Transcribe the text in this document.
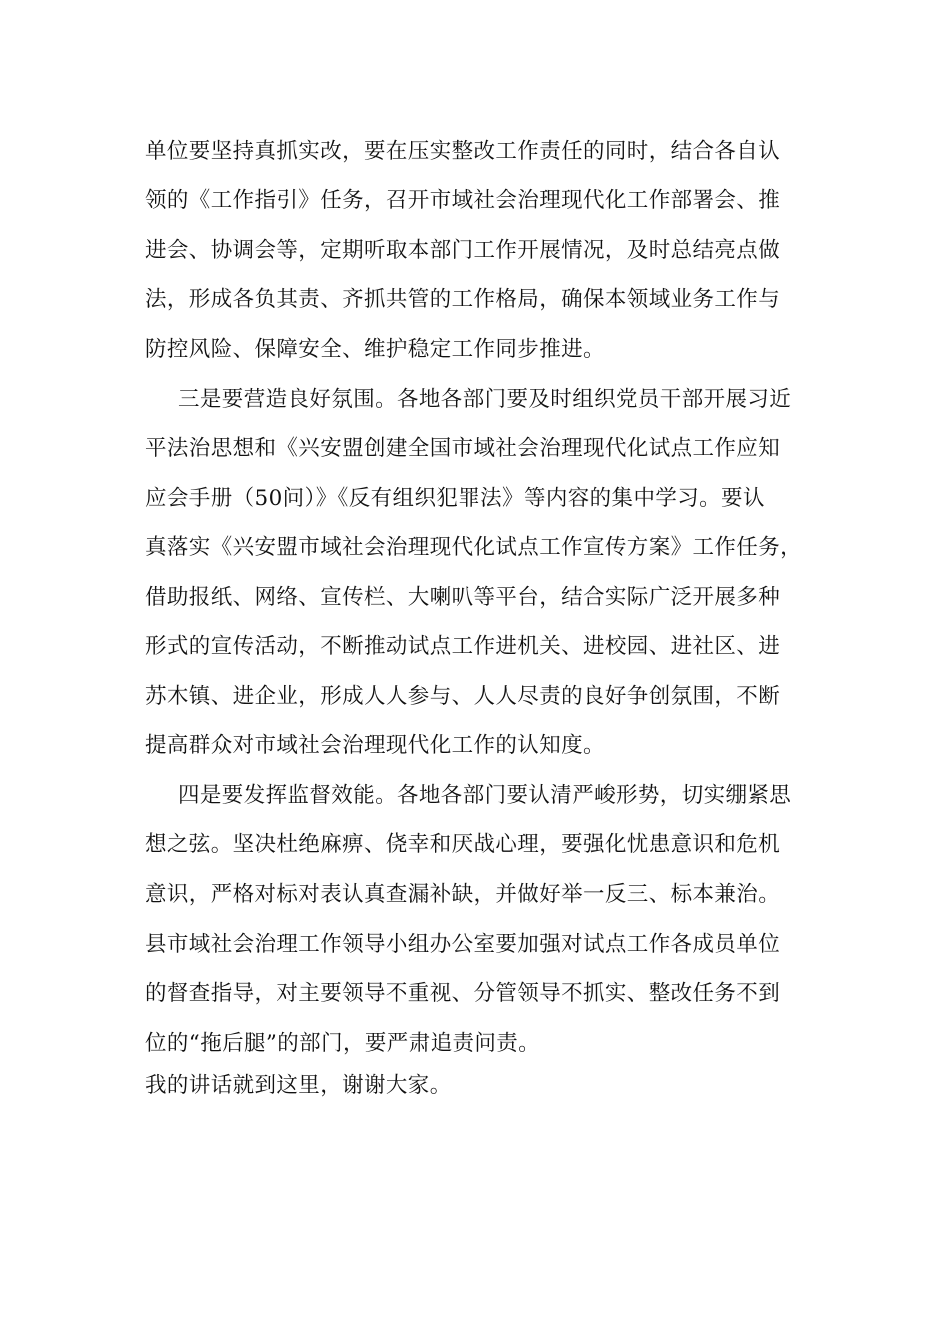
单位要坚持真抓实改，要在压实整改工作责任的同时，结合各自认
领的《工作指引》任务，召开市域社会治理现代化工作部署会、推
进会、协调会等，定期听取本部门工作开展情况，及时总结亮点做
法，形成各负其责、齐抓共管的工作格局，确保本领域业务工作与
防控风险、保障安全、维护稳定工作同步推进。
三是要营造良好氛围。各地各部门要及时组织党员干部开展习近
平法治思想和《兴安盟创建全国市域社会治理现代化试点工作应知
应会手册（50问）》《反有组织犯罪法》等内容的集中学习。要认
真落实《兴安盟市域社会治理现代化试点工作宣传方案》工作任务，
借助报纸、网络、宣传栏、大喇叭等平台，结合实际广泛开展多种
形式的宣传活动，不断推动试点工作进机关、进校园、进社区、进
苏木镇、进企业，形成人人参与、人人尽责的良好争创氛围，不断
提高群众对市域社会治理现代化工作的认知度。
四是要发挥监督效能。各地各部门要认清严峻形势，切实绷紧思
想之弦。坚决杜绝麻痹、侥幸和厌战心理，要强化忧患意识和危机
意识，严格对标对表认真查漏补缺，并做好举一反三、标本兼治。
县市域社会治理工作领导小组办公室要加强对试点工作各成员单位
的督查指导，对主要领导不重视、分管领导不抓实、整改任务不到
位的“拖后腿”的部门，要严肃追责问责。
我的讲话就到这里，谢谢大家。
